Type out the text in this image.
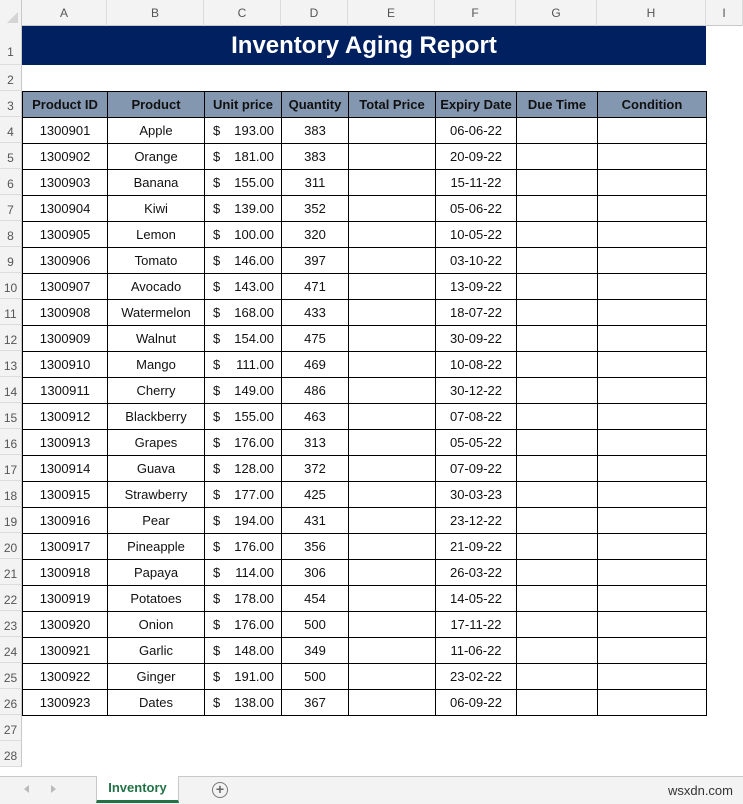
A	B	C	D	E	F	G	H	I
1
2
3
4
5
6
7
8
9
10
11
12
13
14
15
16
17
18
19
20
21
22
23
24
25
26
27
28
Inventory Aging Report
Product ID	Product	Unit price	Quantity	Total Price	Expiry Date	Due Time	Condition
1300901	Apple	$ 193.00	383		06-06-22		
1300902	Orange	$ 181.00	383		20-09-22		
1300903	Banana	$ 155.00	311		15-11-22		
1300904	Kiwi	$ 139.00	352		05-06-22		
1300905	Lemon	$ 100.00	320		10-05-22		
1300906	Tomato	$ 146.00	397		03-10-22		
1300907	Avocado	$ 143.00	471		13-09-22		
1300908	Watermelon	$ 168.00	433		18-07-22		
1300909	Walnut	$ 154.00	475		30-09-22		
1300910	Mango	$ 111.00	469		10-08-22		
1300911	Cherry	$ 149.00	486		30-12-22		
1300912	Blackberry	$ 155.00	463		07-08-22		
1300913	Grapes	$ 176.00	313		05-05-22		
1300914	Guava	$ 128.00	372		07-09-22		
1300915	Strawberry	$ 177.00	425		30-03-23		
1300916	Pear	$ 194.00	431		23-12-22		
1300917	Pineapple	$ 176.00	356		21-09-22		
1300918	Papaya	$ 114.00	306		26-03-22		
1300919	Potatoes	$ 178.00	454		14-05-22		
1300920	Onion	$ 176.00	500		17-11-22		
1300921	Garlic	$ 148.00	349		11-06-22		
1300922	Ginger	$ 191.00	500		23-02-22		
1300923	Dates	$ 138.00	367		06-09-22		
Inventory	+	wsxdn.com
